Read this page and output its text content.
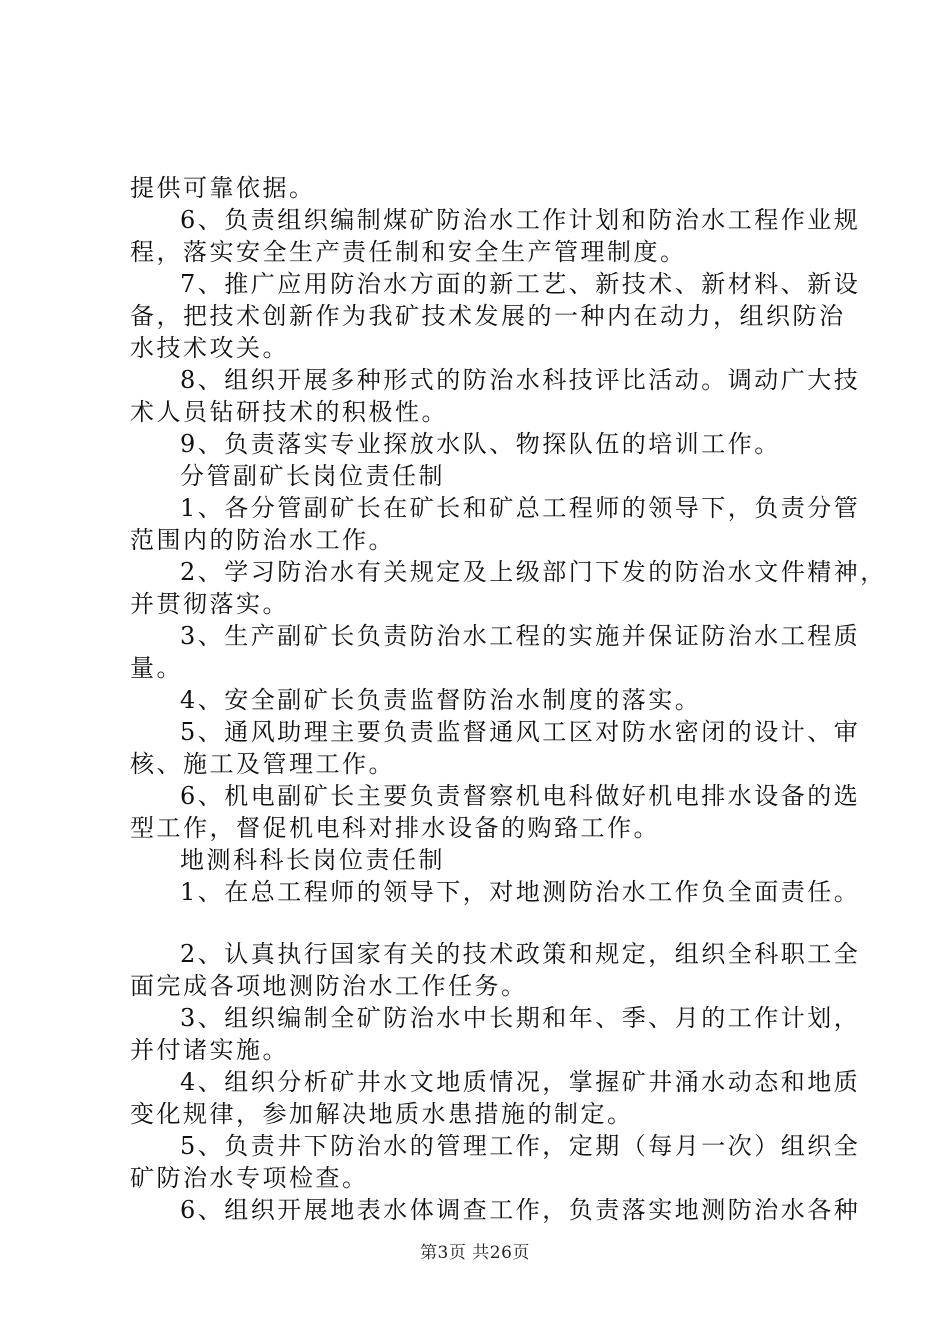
提供可靠依据。
6、负责组织编制煤矿防治水工作计划和防治水工程作业规
程，落实安全生产责任制和安全生产管理制度。
7、推广应用防治水方面的新工艺、新技术、新材料、新设
备，把技术创新作为我矿技术发展的一种内在动力，组织防治
水技术攻关。
8、组织开展多种形式的防治水科技评比活动。调动广大技
术人员钻研技术的积极性。
9、负责落实专业探放水队、物探队伍的培训工作。
分管副矿长岗位责任制
1、各分管副矿长在矿长和矿总工程师的领导下，负责分管
范围内的防治水工作。
2、学习防治水有关规定及上级部门下发的防治水文件精神，
并贯彻落实。
3、生产副矿长负责防治水工程的实施并保证防治水工程质
量。
4、安全副矿长负责监督防治水制度的落实。
5、通风助理主要负责监督通风工区对防水密闭的设计、审
核、施工及管理工作。
6、机电副矿长主要负责督察机电科做好机电排水设备的选
型工作，督促机电科对排水设备的购臵工作。
地测科科长岗位责任制
1、在总工程师的领导下，对地测防治水工作负全面责任。
2、认真执行国家有关的技术政策和规定，组织全科职工全
面完成各项地测防治水工作任务。
3、组织编制全矿防治水中长期和年、季、月的工作计划，
并付诸实施。
4、组织分析矿井水文地质情况，掌握矿井涌水动态和地质
变化规律，参加解决地质水患措施的制定。
5、负责井下防治水的管理工作，定期（每月一次）组织全
矿防治水专项检查。
6、组织开展地表水体调查工作，负责落实地测防治水各种
第3页 共26页
